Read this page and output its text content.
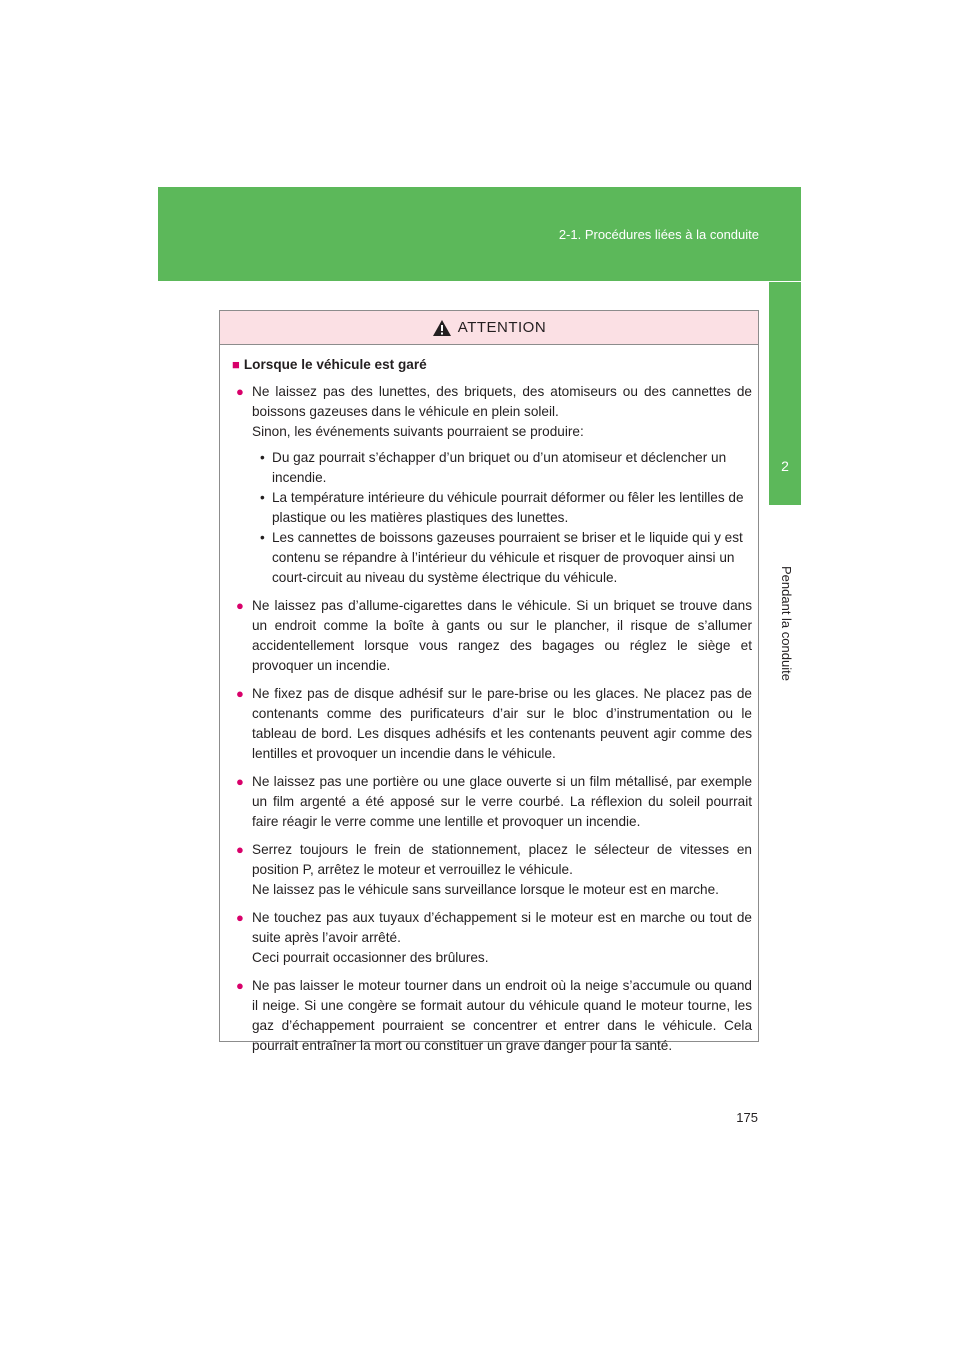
2-1. Procédures liées à la conduite
2
Pendant la conduite
ATTENTION
■ Lorsque le véhicule est garé
● Ne laissez pas des lunettes, des briquets, des atomiseurs ou des cannettes de boissons gazeuses dans le véhicule en plein soleil.
Sinon, les événements suivants pourraient se produire:
• Du gaz pourrait s’échapper d’un briquet ou d’un atomiseur et déclencher un incendie.
• La température intérieure du véhicule pourrait déformer ou fêler les lentilles de plastique ou les matières plastiques des lunettes.
• Les cannettes de boissons gazeuses pourraient se briser et le liquide qui y est contenu se répandre à l’intérieur du véhicule et risquer de provoquer ainsi un court-circuit au niveau du système électrique du véhicule.
● Ne laissez pas d’allume-cigarettes dans le véhicule. Si un briquet se trouve dans un endroit comme la boîte à gants ou sur le plancher, il risque de s’allumer accidentellement lorsque vous rangez des bagages ou réglez le siège et provoquer un incendie.
● Ne fixez pas de disque adhésif sur le pare-brise ou les glaces. Ne placez pas de contenants comme des purificateurs d’air sur le bloc d’instrumentation ou le tableau de bord. Les disques adhésifs et les contenants peuvent agir comme des lentilles et provoquer un incendie dans le véhicule.
● Ne laissez pas une portière ou une glace ouverte si un film métallisé, par exemple un film argenté a été apposé sur le verre courbé. La réflexion du soleil pourrait faire réagir le verre comme une lentille et provoquer un incendie.
● Serrez toujours le frein de stationnement, placez le sélecteur de vitesses en position P, arrêtez le moteur et verrouillez le véhicule.
Ne laissez pas le véhicule sans surveillance lorsque le moteur est en marche.
● Ne touchez pas aux tuyaux d’échappement si le moteur est en marche ou tout de suite après l’avoir arrêté.
Ceci pourrait occasionner des brûlures.
● Ne pas laisser le moteur tourner dans un endroit où la neige s’accumule ou quand il neige. Si une congère se formait autour du véhicule quand le moteur tourne, les gaz d’échappement pourraient se concentrer et entrer dans le véhicule. Cela pourrait entraîner la mort ou constituer un grave danger pour la santé.
175
